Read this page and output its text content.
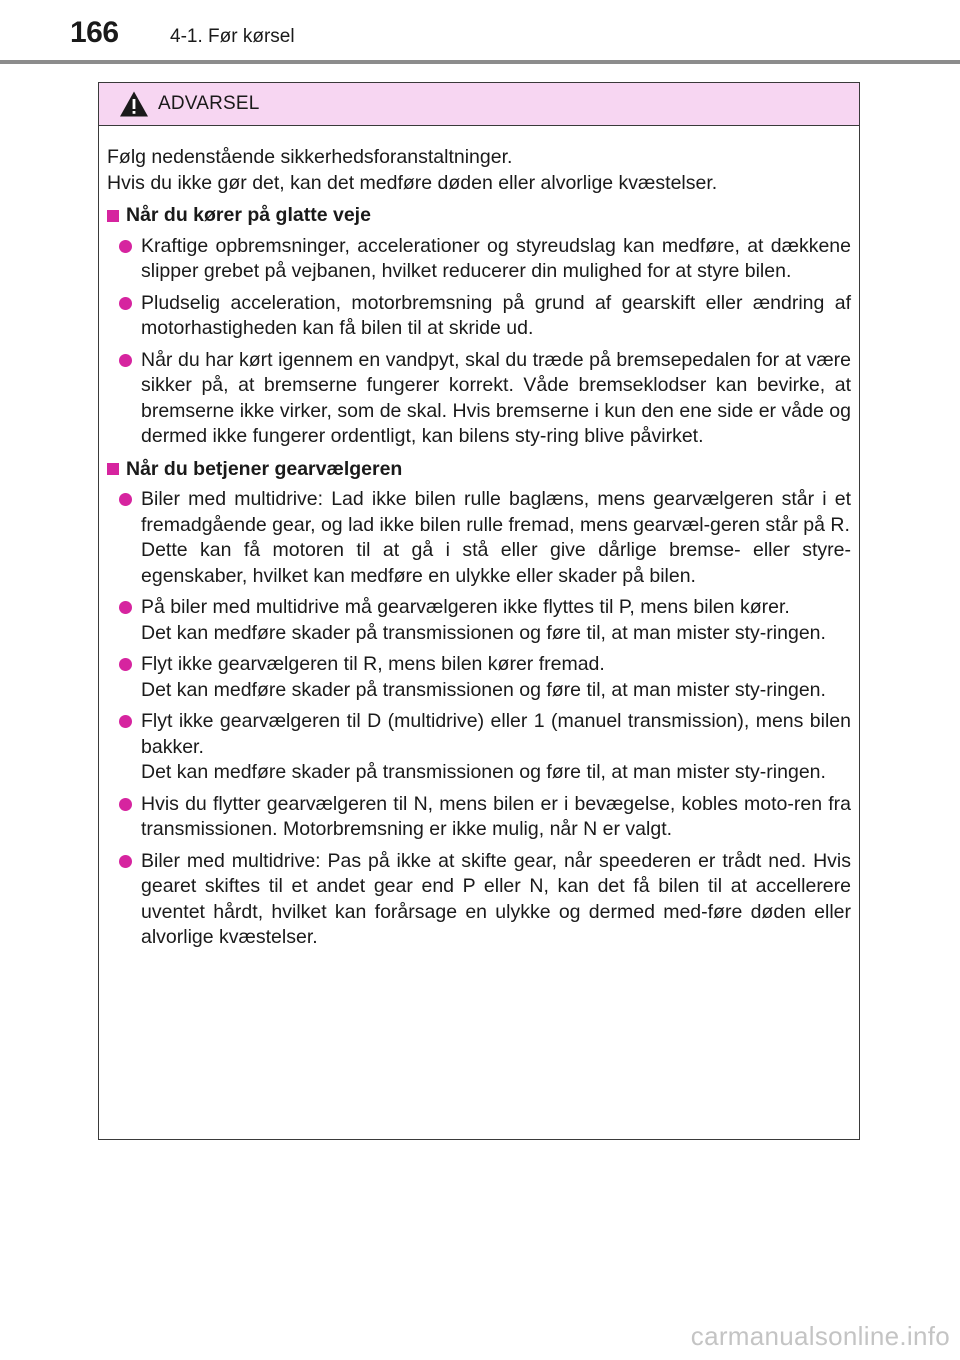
166	4-1. Før kørsel
ADVARSEL

Følg nedenstående sikkerhedsforanstaltninger.

Hvis du ikke gør det, kan det medføre døden eller alvorlige kvæstelser.

Når du kører på glatte veje

Kraftige opbremsninger, accelerationer og styreudslag kan medføre, at dækkene slipper grebet på vejbanen, hvilket reducerer din mulighed for at styre bilen.

Pludselig acceleration, motorbremsning på grund af gearskift eller ændring af motorhastigheden kan få bilen til at skride ud.

Når du har kørt igennem en vandpyt, skal du træde på bremsepedalen for at være sikker på, at bremserne fungerer korrekt. Våde bremseklodser kan bevirke, at bremserne ikke virker, som de skal. Hvis bremserne i kun den ene side er våde og dermed ikke fungerer ordentligt, kan bilens sty-ring blive påvirket.

Når du betjener gearvælgeren

Biler med multidrive: Lad ikke bilen rulle baglæns, mens gearvælgeren står i et fremadgående gear, og lad ikke bilen rulle fremad, mens gearvæl-geren står på R.

Dette kan få motoren til at gå i stå eller give dårlige bremse- eller styre-egenskaber, hvilket kan medføre en ulykke eller skader på bilen.

På biler med multidrive må gearvælgeren ikke flyttes til P, mens bilen kører.

Det kan medføre skader på transmissionen og føre til, at man mister sty-ringen.

Flyt ikke gearvælgeren til R, mens bilen kører fremad.

Det kan medføre skader på transmissionen og føre til, at man mister sty-ringen.

Flyt ikke gearvælgeren til D (multidrive) eller 1 (manuel transmission), mens bilen bakker.

Det kan medføre skader på transmissionen og føre til, at man mister sty-ringen.

Hvis du flytter gearvælgeren til N, mens bilen er i bevægelse, kobles moto-ren fra transmissionen. Motorbremsning er ikke mulig, når N er valgt.

Biler med multidrive: Pas på ikke at skifte gear, når speederen er trådt ned. Hvis gearet skiftes til et andet gear end P eller N, kan det få bilen til at accellerere uventet hårdt, hvilket kan forårsage en ulykke og dermed med-føre døden eller alvorlige kvæstelser.

carmanualsonline.info
